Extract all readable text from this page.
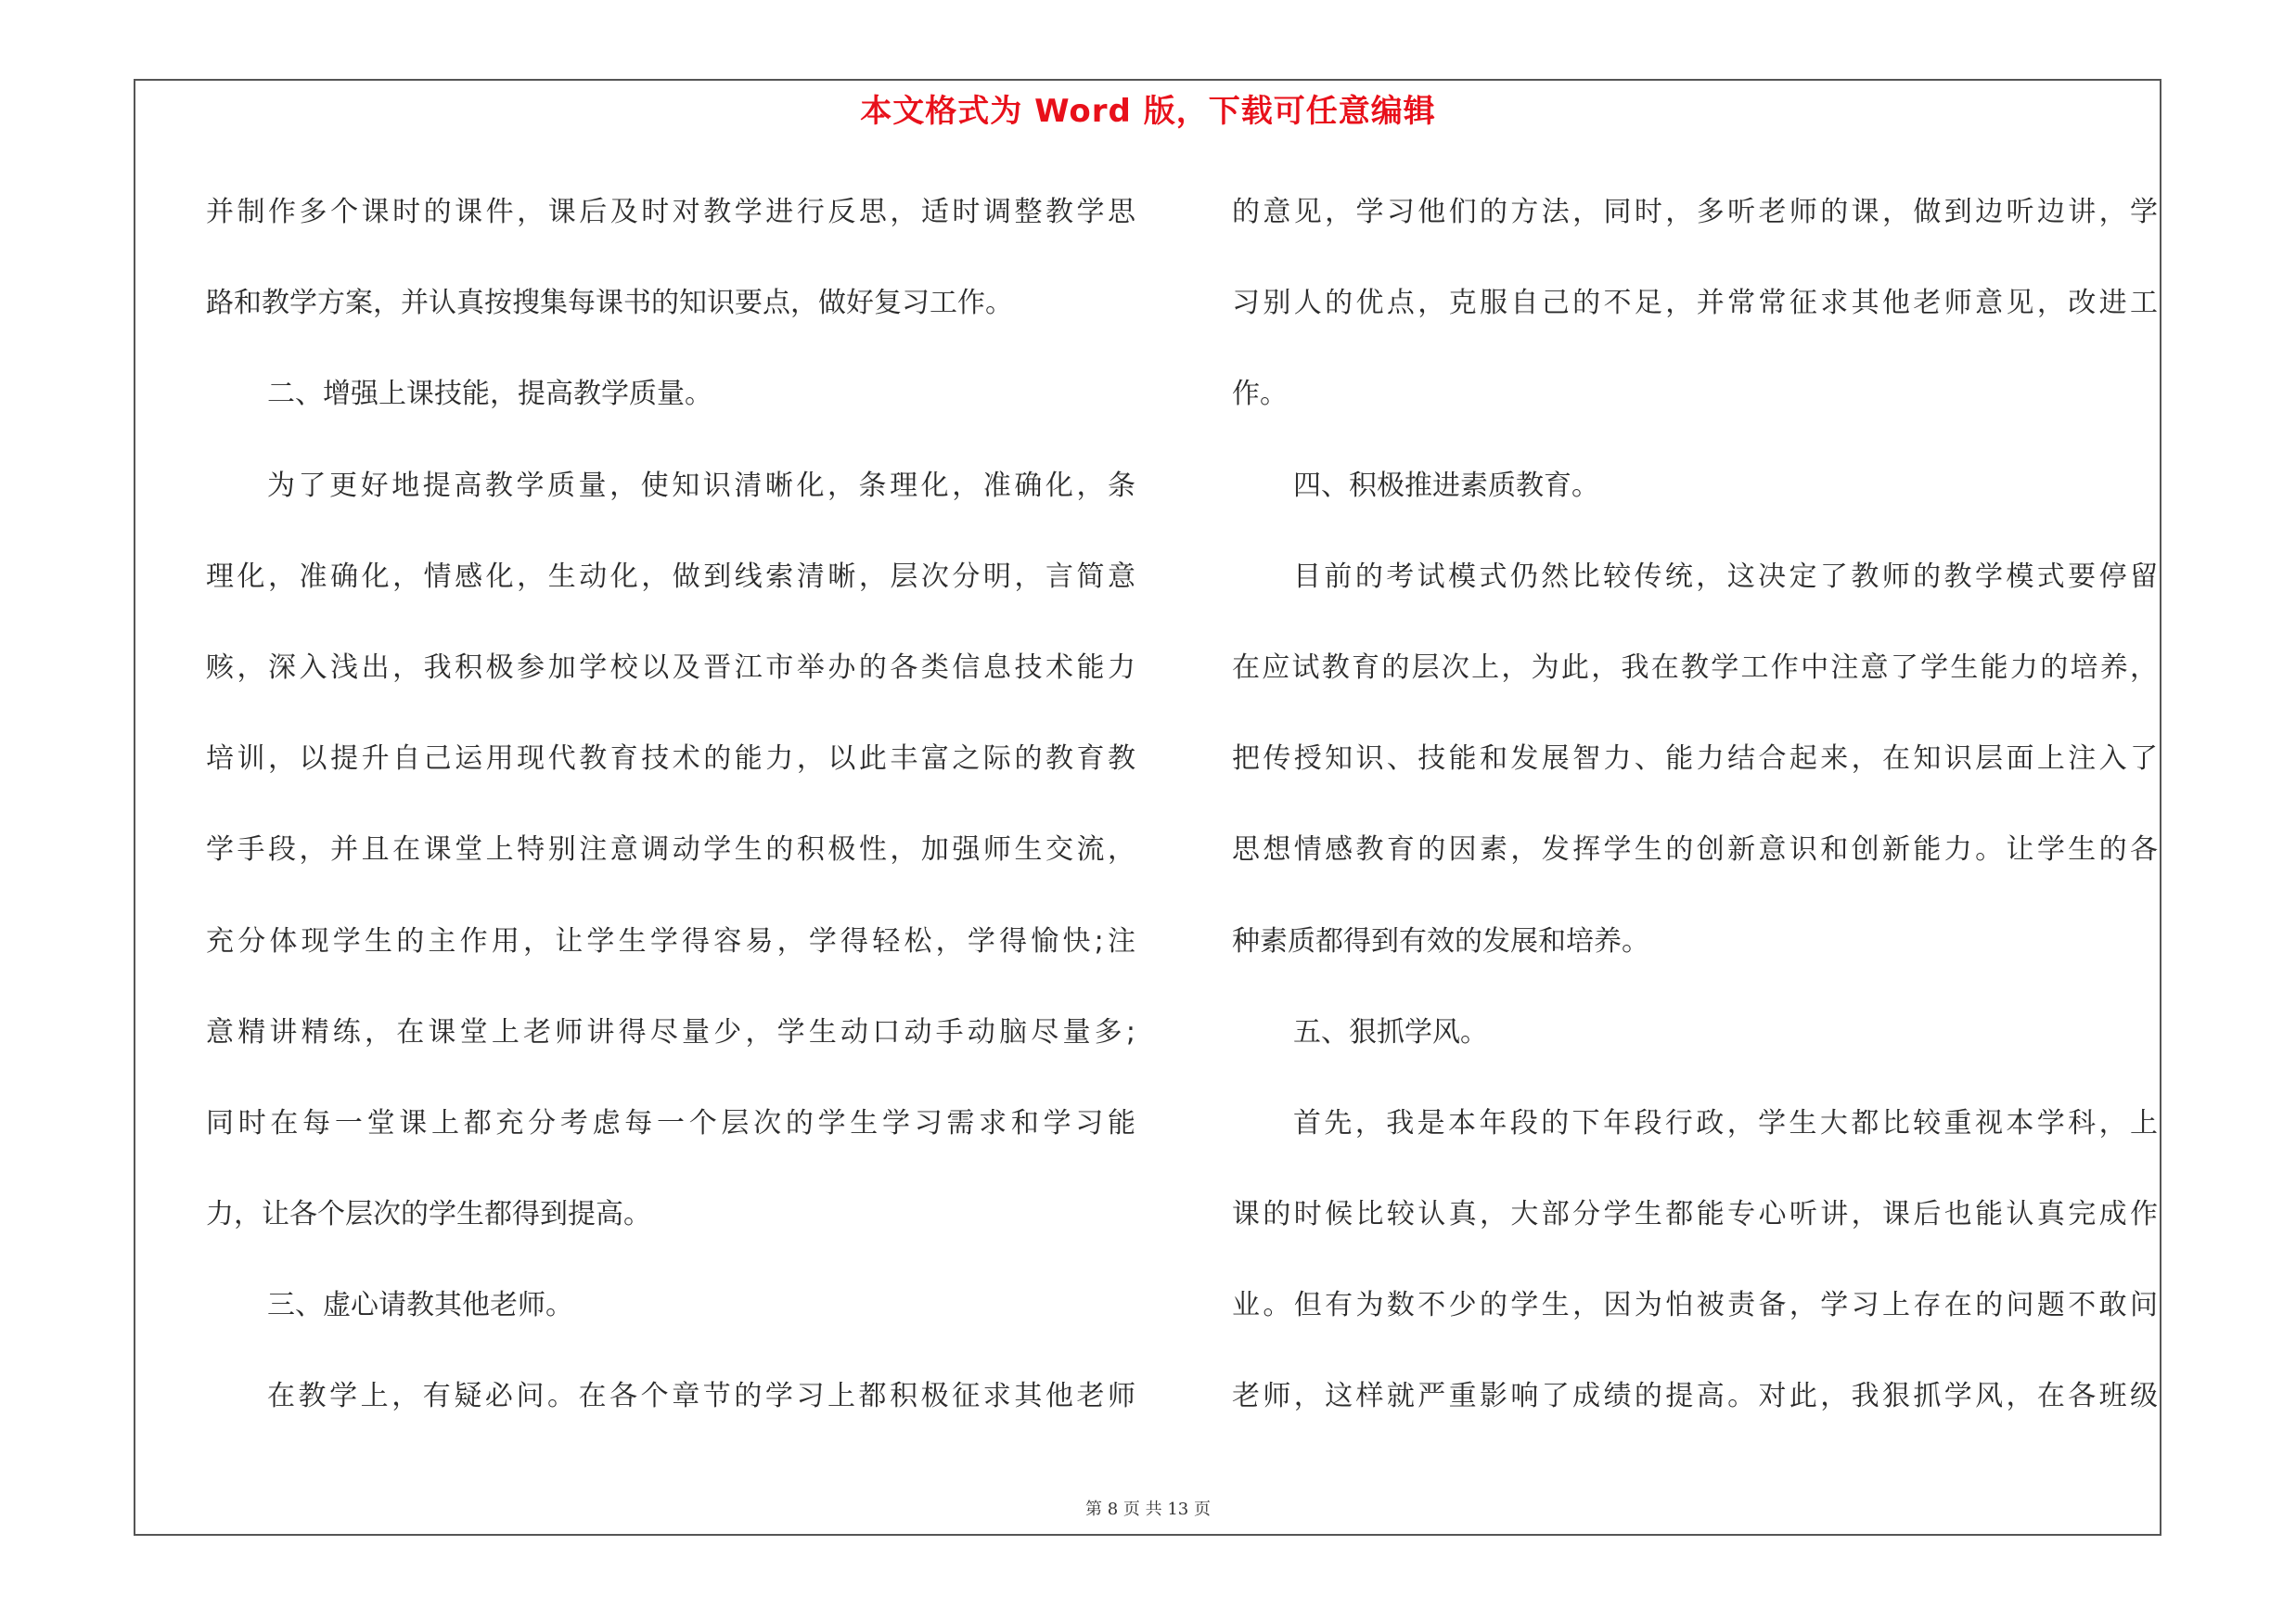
本文格式为 Word 版，下载可任意编辑
并制作多个课时的课件，课后及时对教学进行反思，适时调整教学思
路和教学方案，并认真按搜集每课书的知识要点，做好复习工作。
二、增强上课技能，提高教学质量。
为了更好地提高教学质量，使知识清晰化，条理化，准确化，条
理化，准确化，情感化，生动化，做到线索清晰，层次分明，言简意
赅，深入浅出，我积极参加学校以及晋江市举办的各类信息技术能力
培训，以提升自己运用现代教育技术的能力，以此丰富之际的教育教
学手段，并且在课堂上特别注意调动学生的积极性，加强师生交流，
充分体现学生的主作用，让学生学得容易，学得轻松，学得愉快;注
意精讲精练，在课堂上老师讲得尽量少，学生动口动手动脑尽量多;
同时在每一堂课上都充分考虑每一个层次的学生学习需求和学习能
力，让各个层次的学生都得到提高。
三、虚心请教其他老师。
在教学上，有疑必问。在各个章节的学习上都积极征求其他老师
的意见，学习他们的方法，同时，多听老师的课，做到边听边讲，学
习别人的优点，克服自己的不足，并常常征求其他老师意见，改进工
作。
四、积极推进素质教育。
目前的考试模式仍然比较传统，这决定了教师的教学模式要停留
在应试教育的层次上，为此，我在教学工作中注意了学生能力的培养，
把传授知识、技能和发展智力、能力结合起来，在知识层面上注入了
思想情感教育的因素，发挥学生的创新意识和创新能力。让学生的各
种素质都得到有效的发展和培养。
五、狠抓学风。
首先，我是本年段的下年段行政，学生大都比较重视本学科，上
课的时候比较认真，大部分学生都能专心听讲，课后也能认真完成作
业。但有为数不少的学生，因为怕被责备，学习上存在的问题不敢问
老师，这样就严重影响了成绩的提高。对此，我狠抓学风，在各班级
第 8 页 共 13 页
